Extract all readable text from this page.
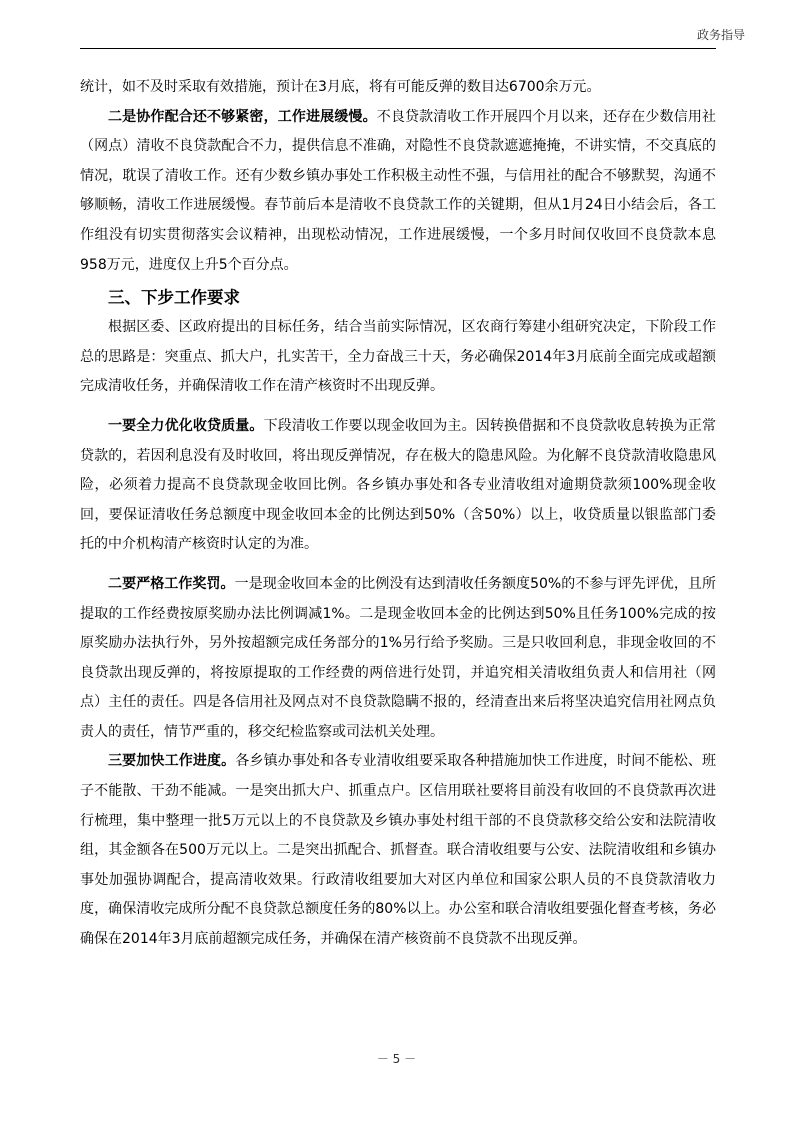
政务指导

统计，如不及时采取有效措施，预计在3月底，将有可能反弹的数目达6700余万元。

二是协作配合还不够紧密，工作进展缓慢。不良贷款清收工作开展四个月以来，还存在少数信用社（网点）清收不良贷款配合不力，提供信息不准确，对隐性不良贷款遮遮掩掩，不讲实情，不交真底的情况，耽误了清收工作。还有少数乡镇办事处工作积极主动性不强，与信用社的配合不够默契，沟通不够顺畅，清收工作进展缓慢。春节前后本是清收不良贷款工作的关键期，但从1月24日小结会后，各工作组没有切实贯彻落实会议精神，出现松动情况，工作进展缓慢，一个多月时间仅收回不良贷款本息958万元，进度仅上升5个百分点。

三、下步工作要求

根据区委、区政府提出的目标任务，结合当前实际情况，区农商行筹建小组研究决定，下阶段工作总的思路是：突重点、抓大户，扎实苦干，全力奋战三十天，务必确保2014年3月底前全面完成或超额完成清收任务，并确保清收工作在清产核资时不出现反弹。

一要全力优化收贷质量。下段清收工作要以现金收回为主。因转换借据和不良贷款收息转换为正常贷款的，若因利息没有及时收回，将出现反弹情况，存在极大的隐患风险。为化解不良贷款清收隐患风险，必须着力提高不良贷款现金收回比例。各乡镇办事处和各专业清收组对逾期贷款须100%现金收回，要保证清收任务总额度中现金收回本金的比例达到50%（含50%）以上，收贷质量以银监部门委托的中介机构清产核资时认定的为准。

二要严格工作奖罚。一是现金收回本金的比例没有达到清收任务额度50%的不参与评先评优，且所提取的工作经费按原奖励办法比例调减1%。二是现金收回本金的比例达到50%且任务100%完成的按原奖励办法执行外，另外按超额完成任务部分的1%另行给予奖励。三是只收回利息，非现金收回的不良贷款出现反弹的，将按原提取的工作经费的两倍进行处罚，并追究相关清收组负责人和信用社（网点）主任的责任。四是各信用社及网点对不良贷款隐瞒不报的，经清查出来后将坚决追究信用社网点负责人的责任，情节严重的，移交纪检监察或司法机关处理。

三要加快工作进度。各乡镇办事处和各专业清收组要采取各种措施加快工作进度，时间不能松、班子不能散、干劲不能减。一是突出抓大户、抓重点户。区信用联社要将目前没有收回的不良贷款再次进行梳理，集中整理一批5万元以上的不良贷款及乡镇办事处村组干部的不良贷款移交给公安和法院清收组，其金额各在500万元以上。二是突出抓配合、抓督查。联合清收组要与公安、法院清收组和乡镇办事处加强协调配合，提高清收效果。行政清收组要加大对区内单位和国家公职人员的不良贷款清收力度，确保清收完成所分配不良贷款总额度任务的80%以上。办公室和联合清收组要强化督查考核，务必确保在2014年3月底前超额完成任务，并确保在清产核资前不良贷款不出现反弹。

－ 5 －
